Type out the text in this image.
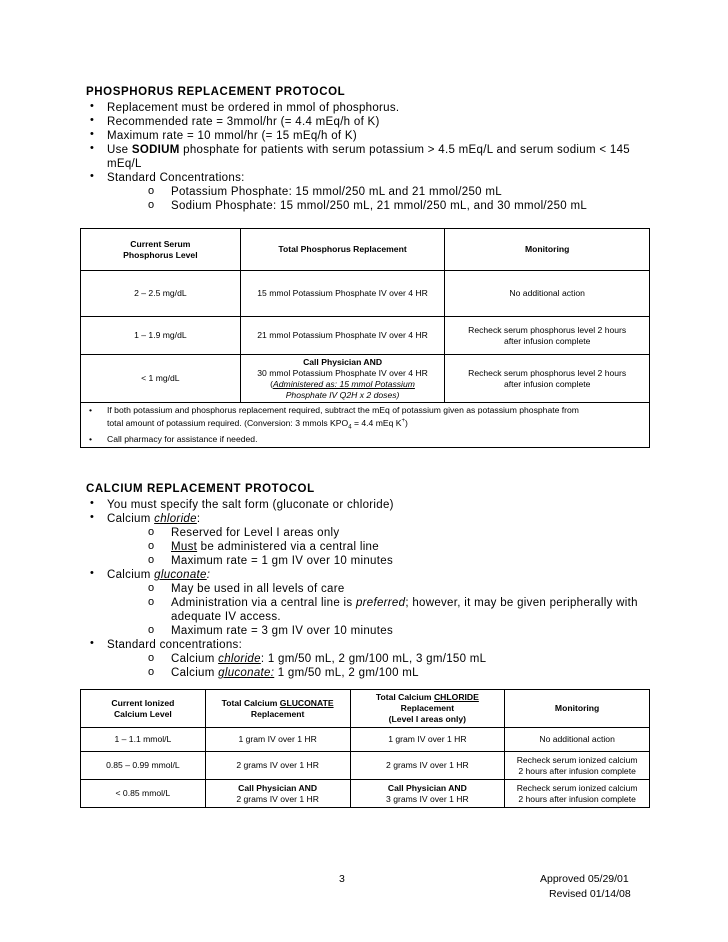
PHOSPHORUS REPLACEMENT PROTOCOL
• Replacement must be ordered in mmol of phosphorus.
• Recommended rate = 3mmol/hr (= 4.4 mEq/h of K)
• Maximum rate = 10 mmol/hr (= 15 mEq/h of K)
• Use SODIUM phosphate for patients with serum potassium > 4.5 mEq/L and serum sodium < 145
mEq/L
• Standard Concentrations:
o Potassium Phosphate: 15 mmol/250 mL and 21 mmol/250 mL
o Sodium Phosphate: 15 mmol/250 mL, 21 mmol/250 mL, and 30 mmol/250 mL
Current Serum
Phosphorus Level	Total Phosphorus Replacement	Monitoring
2 – 2.5 mg/dL	15 mmol Potassium Phosphate IV over 4 HR	No additional action
1 – 1.9 mg/dL	21 mmol Potassium Phosphate IV over 4 HR	Recheck serum phosphorus level 2 hours
after infusion complete
< 1 mg/dL	Call Physician AND
30 mmol Potassium Phosphate IV over 4 HR
(Administered as: 15 mmol Potassium
Phosphate IV Q2H x 2 doses)	Recheck serum phosphorus level 2 hours
after infusion complete

• If both potassium and phosphorus replacement required, subtract the mEq of potassium given as potassium phosphate from
total amount of potassium required. (Conversion: 3 mmols $KPO_4 = 4.4$ mEq K+)
• Call pharmacy for assistance if needed.		
CALCIUM REPLACEMENT PROTOCOL
• You must specify the salt form (gluconate or chloride)
• Calcium chloride:
o Reserved for Level I areas only
o Must be administered via a central line
o Maximum rate = 1 gm IV over 10 minutes
• Calcium gluconate:
o May be used in all levels of care
o Administration via a central line is preferred; however, it may be given peripherally with
adequate IV access.
o Maximum rate = 3 gm IV over 10 minutes
• Standard concentrations:
o Calcium chloride: 1 gm/50 mL, 2 gm/100 mL, 3 gm/150 mL
o Calcium gluconate: 1 gm/50 mL, 2 gm/100 mL
Current Ionized
Calcium Level	Total Calcium GLUCONATE
Replacement	Total Calcium CHLORIDE
Replacement
(Level I areas only)	Monitoring
1 – 1.1 mmol/L	1 gram IV over 1 HR	1 gram IV over 1 HR	No additional action
0.85 – 0.99 mmol/L	2 grams IV over 1 HR	2 grams IV over 1 HR	Recheck serum ionized calcium
2 hours after infusion complete
< 0.85 mmol/L	Call Physician AND
2 grams IV over 1 HR	Call Physician AND
3 grams IV over 1 HR	Recheck serum ionized calcium
2 hours after infusion complete
3	Approved 05/29/01
Revised 01/14/08
